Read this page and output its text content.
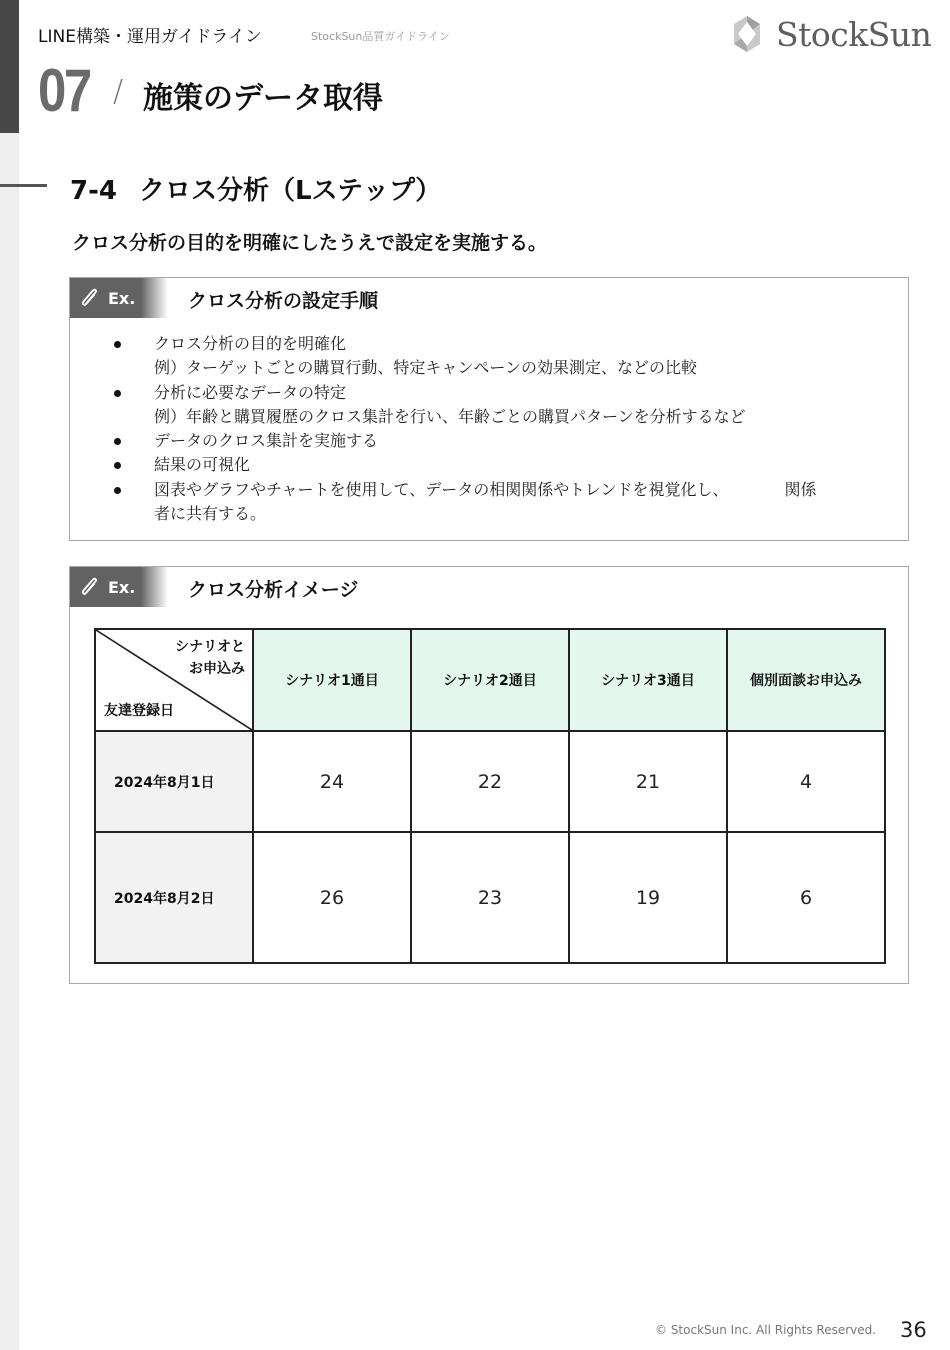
LINE構築・運用ガイドライン	StockSun品質ガイドライン	StockSun
07 / 施策のデータ取得
7-4 クロス分析（Lステップ）
クロス分析の目的を明確にしたうえで設定を実施する。
Ex.	クロス分析の設定手順
クロス分析の目的を明確化
例）ターゲットごとの購買行動、特定キャンペーンの効果測定、などの比較
分析に必要なデータの特定
例）年齢と購買履歴のクロス集計を行い、年齢ごとの購買パターンを分析するなど
データのクロス集計を実施する
結果の可視化
図表やグラフやチャートを使用して、データの相関関係やトレンドを視覚化し、	関係
者に共有する。
Ex.	クロス分析イメージ
シナリオと
お申込み
友達登録日	シナリオ1通目	シナリオ2通目	シナリオ3通目	個別面談お申込み
2024年8月1日	24	22	21	4
2024年8月2日	26	23	19	6
© StockSun Inc. All Rights Reserved. 36
